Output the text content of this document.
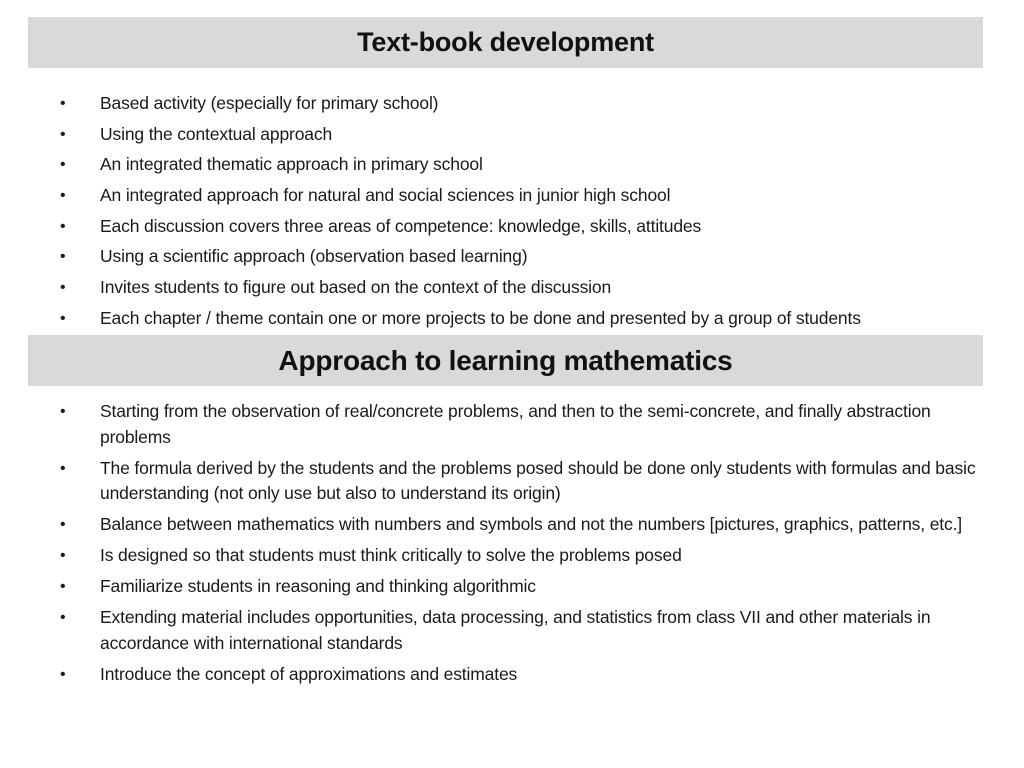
Text-book development
• Based activity (especially for primary school)
• Using the contextual approach
• An integrated thematic approach in primary school
• An integrated approach for natural and social sciences in junior high school
• Each discussion covers three areas of competence: knowledge, skills, attitudes
• Using a scientific approach (observation based learning)
• Invites students to figure out based on the context of the discussion
• Each chapter / theme contain one or more projects to be done and presented by a group of students
Approach to learning mathematics
• Starting from the observation of real/concrete problems, and then to the semi-concrete, and finally abstraction problems
• The formula derived by the students and the problems posed should be done only students with formulas and basic understanding (not only use but also to understand its origin)
• Balance between mathematics with numbers and symbols and not the numbers [pictures, graphics, patterns, etc.]
• Is designed so that students must think critically to solve the problems posed
• Familiarize students in reasoning and thinking algorithmic
• Extending material includes opportunities, data processing, and statistics from class VII and other materials in accordance with international standards
• Introduce the concept of approximations and estimates
